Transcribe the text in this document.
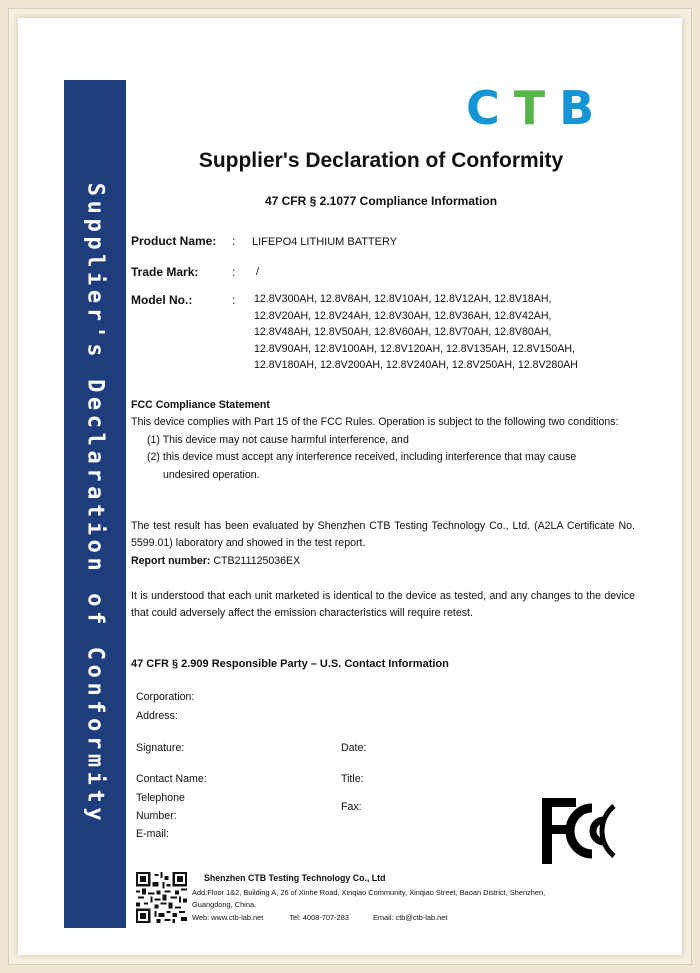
Supplier's Declaration of Conformity
CTB
Supplier's Declaration of Conformity
47 CFR § 2.1077 Compliance Information
Product Name: : LIFEPO4 LITHIUM BATTERY
Trade Mark:	: /
Model No.:	: 12.8V300AH, 12.8V8AH, 12.8V10AH, 12.8V12AH, 12.8V18AH,
12.8V20AH, 12.8V24AH, 12.8V30AH, 12.8V36AH, 12.8V42AH,
12.8V48AH, 12.8V50AH, 12.8V60AH, 12.8V70AH, 12.8V80AH,
12.8V90AH, 12.8V100AH, 12.8V120AH, 12.8V135AH, 12.8V150AH,
12.8V180AH, 12.8V200AH, 12.8V240AH, 12.8V250AH, 12.8V280AH
FCC Compliance Statement
This device complies with Part 15 of the FCC Rules. Operation is subject to the following two conditions:
(1) This device may not cause harmful interference, and
(2) this device must accept any interference received, including interference that may cause
undesired operation.
The test result has been evaluated by Shenzhen CTB Testing Technology Co., Ltd. (A2LA Certificate No. 5599.01) laboratory and showed in the test report.
Report number: CTB211125036EX
It is understood that each unit marketed is identical to the device as tested, and any changes to the device that could adversely affect the emission characteristics will require retest.
47 CFR § 2.909 Responsible Party – U.S. Contact Information
Corporation:
Address:
Signature:	Date:
Contact Name:	Title:
Telephone
Number:
Fax:
E-mail:
Shenzhen CTB Testing Technology Co., Ltd
Add:Floor 1&2, Building A, 26 of Xinhe Road, Xinqiao Community, Xinqiao Street, Baoan District, Shenzhen,
Guangdong, China.
Web: www.ctb-lab.net	Tel: 4008-707-283	Email: ctb@ctb-lab.net
